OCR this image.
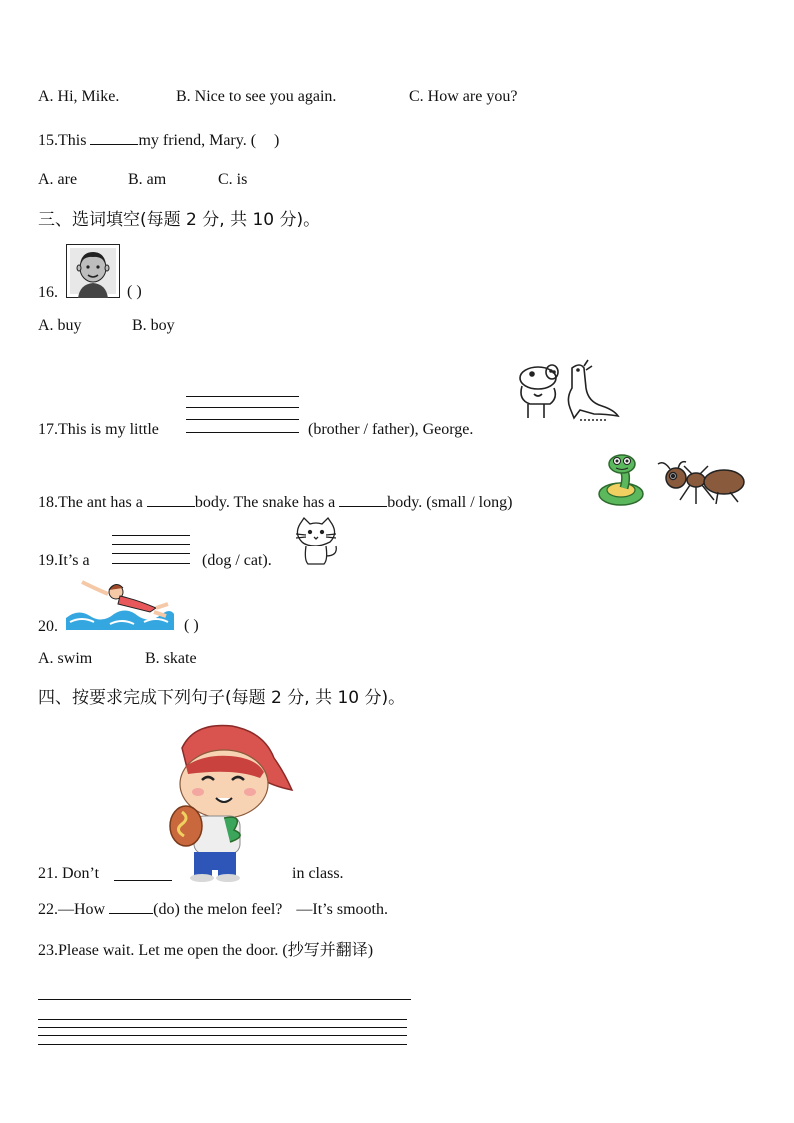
A. Hi, Mike.	B. Nice to see you again.	C. How are you?
15.This	my friend, Mary. ( )
A. are	B. am	C. is
三、选词填空(每题 2 分, 共 10 分)。
16.	( )
A. buy	B. boy
17.This is my little	(brother / father), George.
18.The ant has a	body. The snake has a	body. (small / long)
19.It’s a	(dog / cat).
20.	( )
A. swim	B. skate
四、按要求完成下列句子(每题 2 分, 共 10 分)。
21. Don’t	in class.
22.—How	(do) the melon feel? —It’s smooth.
23.Please wait. Let me open the door. (抄写并翻译)
